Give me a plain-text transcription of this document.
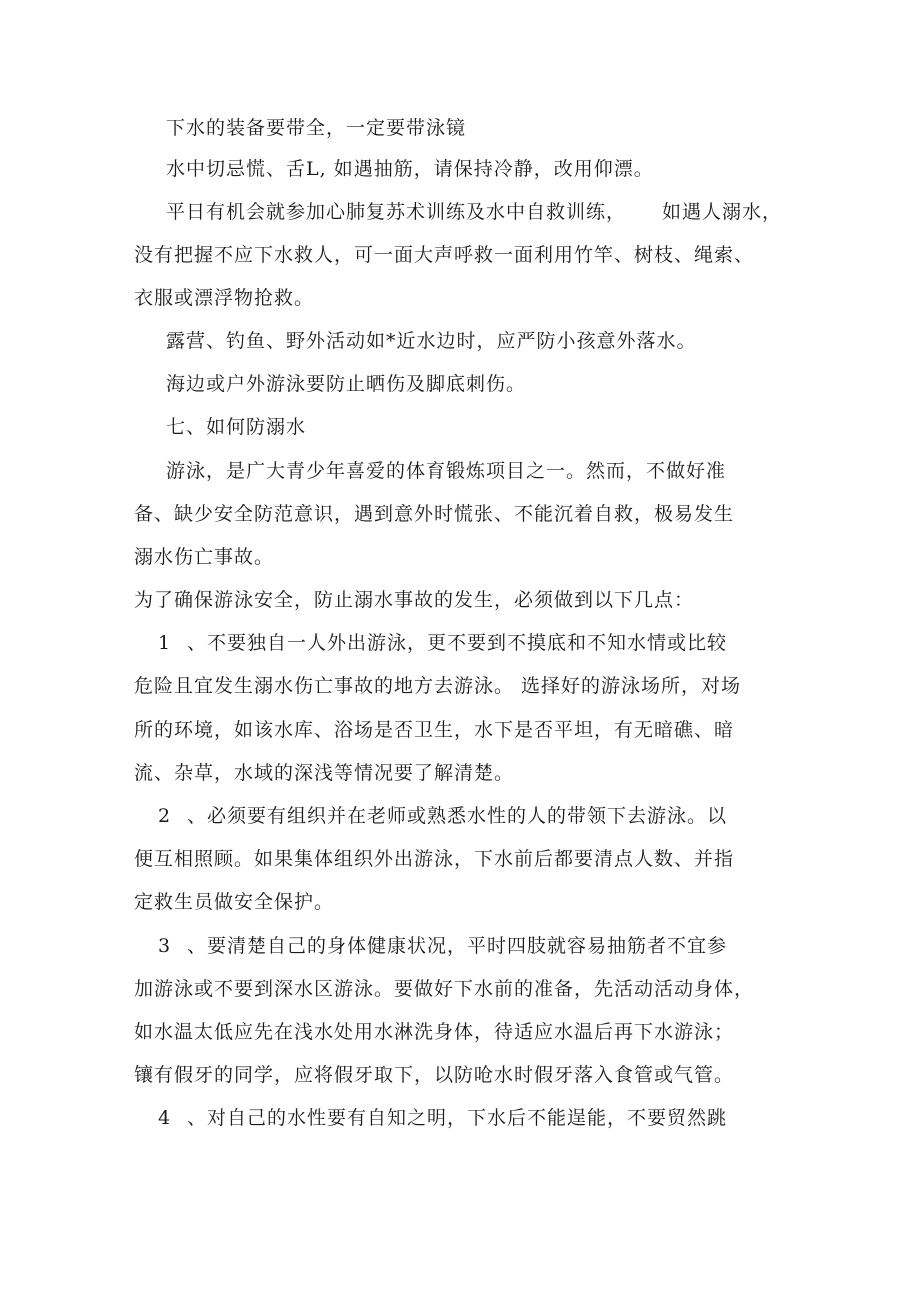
下水的装备要带全，一定要带泳镜
水中切忌慌、舌L, 如遇抽筋，请保持冷静，改用仰漂。
平日有机会就参加心肺复苏术训练及水中自救训练， 如遇人溺水，
没有把握不应下水救人，可一面大声呼救一面利用竹竿、树枝、绳索、
衣服或漂浮物抢救。
露营、钓鱼、野外活动如*近水边时，应严防小孩意外落水。
海边或户外游泳要防止晒伤及脚底刺伤。
七、如何防溺水
游泳，是广大青少年喜爱的体育锻炼项目之一。然而，不做好准
备、缺少安全防范意识，遇到意外时慌张、不能沉着自救，极易发生
溺水伤亡事故。
为了确保游泳安全，防止溺水事故的发生，必须做到以下几点：
1 、不要独自一人外出游泳，更不要到不摸底和不知水情或比较
危险且宜发生溺水伤亡事故的地方去游泳。 选择好的游泳场所，对场
所的环境，如该水库、浴场是否卫生，水下是否平坦，有无暗礁、暗
流、杂草，水域的深浅等情况要了解清楚。
2 、必须要有组织并在老师或熟悉水性的人的带领下去游泳。以
便互相照顾。如果集体组织外出游泳，下水前后都要清点人数、并指
定救生员做安全保护。
3 、要清楚自己的身体健康状况，平时四肢就容易抽筋者不宜参
加游泳或不要到深水区游泳。要做好下水前的准备，先活动活动身体，
如水温太低应先在浅水处用水淋洗身体，待适应水温后再下水游泳；
镶有假牙的同学，应将假牙取下，以防呛水时假牙落入食管或气管。
4 、对自己的水性要有自知之明，下水后不能逞能，不要贸然跳
